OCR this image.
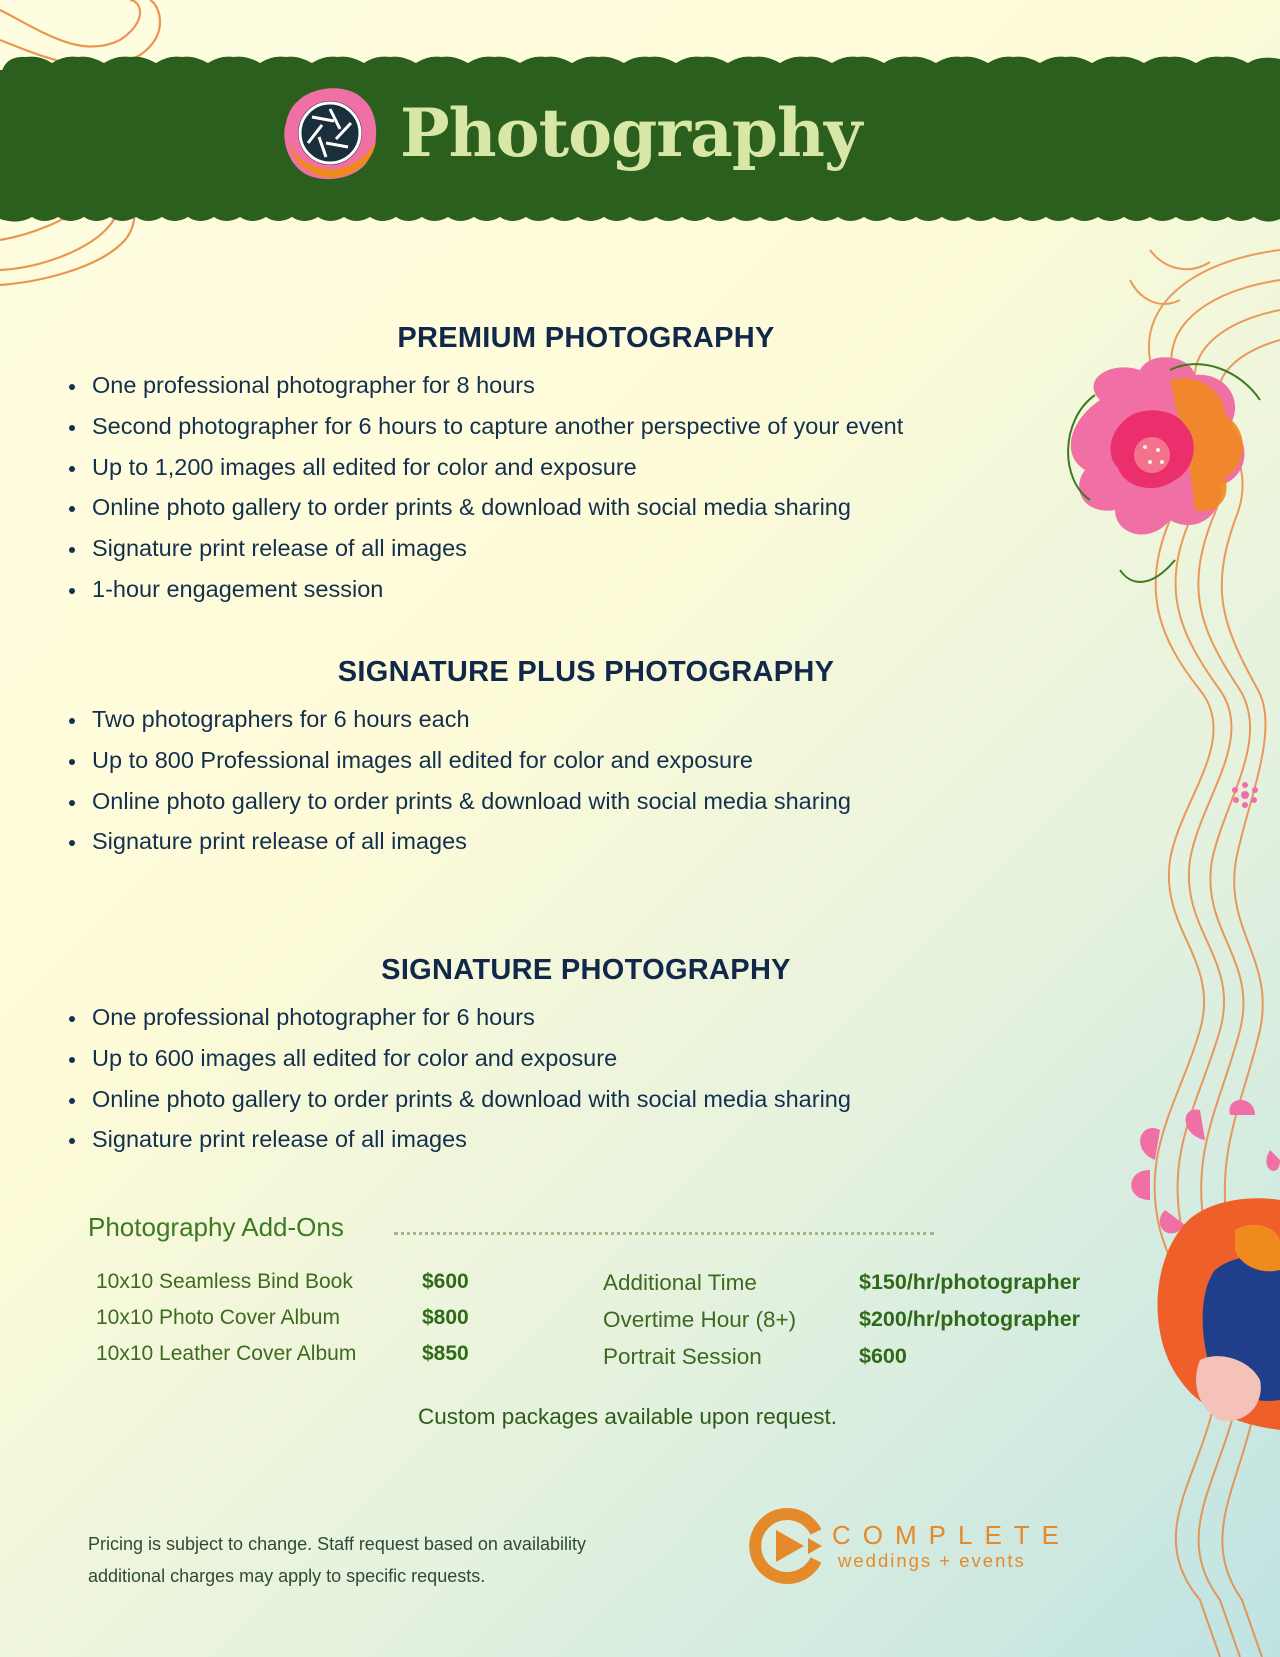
Photography
PREMIUM PHOTOGRAPHY
One professional photographer for 8 hours
Second photographer for 6 hours to capture another perspective of your event
Up to 1,200 images all edited for color and exposure
Online photo gallery to order prints & download with social media sharing
Signature print release of all images
1-hour engagement session
SIGNATURE PLUS PHOTOGRAPHY
Two photographers for 6 hours each
Up to 800 Professional images all edited for color and exposure
Online photo gallery to order prints & download with social media sharing
Signature print release of all images
SIGNATURE PHOTOGRAPHY
One professional photographer for 6 hours
Up to 600 images all edited for color and exposure
Online photo gallery to order prints & download with social media sharing
Signature print release of all images
Photography Add-Ons
10x10 Seamless Bind Book	$600
10x10 Photo Cover Album	$800
10x10 Leather Cover Album	$850
Additional Time	$150/hr/photographer
Overtime Hour (8+)	$200/hr/photographer
Portrait Session	$600
Custom packages available upon request.
Pricing is subject to change. Staff request based on availability
additional charges may apply to specific requests.
COMPLETE
weddings + events
